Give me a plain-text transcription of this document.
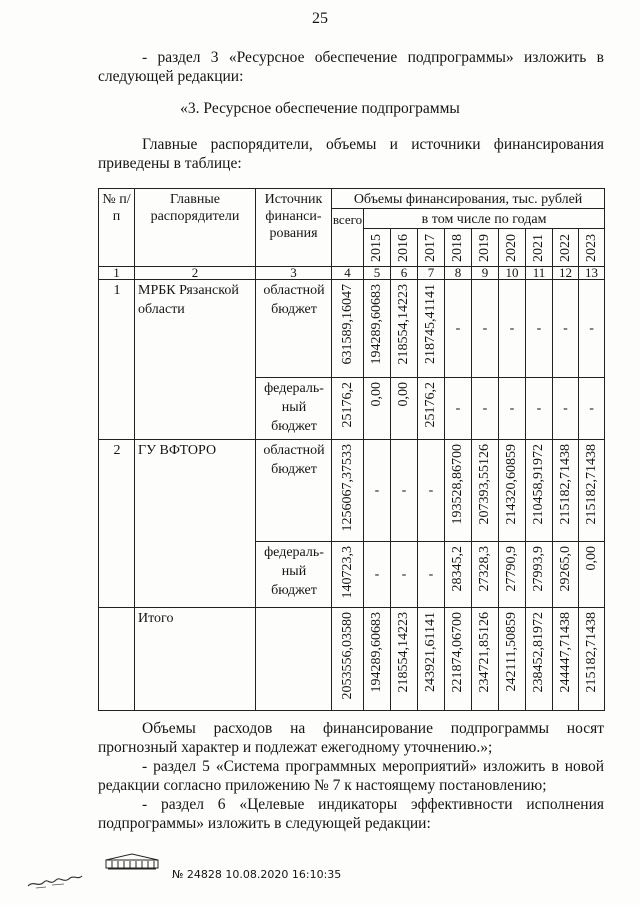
25
- раздел 3 «Ресурсное обеспечение подпрограммы» изложить в
следующей редакции:
«3. Ресурсное обеспечение подпрограммы
Главные распорядители, объемы и источники финансирования
приведены в таблице:
№ п/п	Главные распорядители	Источник финанси-рования	Объемы финансирования, тыс. рублей									
			всего	в том числе по годам								

				2015	2016	2017	2018	2019	2020	2021	2022	2023

1	2	3	4	5	6	7	8	9	10	11	12	13
1	МРБК Рязанской области	областной бюджет	631589,16047	194289,60683	218554,14223	218745,41141	-	-	-	-	-	-

		федераль-ный бюджет	25176,2	0,00	0,00	25176,2	-	-	-	-	-	-

2	ГУ ВФТОРО	областной бюджет	1256067,37533	-	-	-	193528,86700	207393,55126	214320,60859	210458,91972	215182,71438	215182,71438

		федераль-ный бюджет	140723,3	-	-	-	28345,2	27328,3	27790,9	27993,9	29265,0	0,00

	Итого		2053556,03580	194289,60683	218554,14223	243921,61141	221874,06700	234721,85126	242111,50859	238452,81972	244447,71438	215182,71438
Объемы расходов на финансирование подпрограммы носят
прогнозный характер и подлежат ежегодному уточнению.»;
- раздел 5 «Система программных мероприятий» изложить в новой
редакции согласно приложению № 7 к настоящему постановлению;
- раздел 6 «Целевые индикаторы эффективности исполнения
подпрограммы» изложить в следующей редакции:
№ 24828 10.08.2020 16:10:35
